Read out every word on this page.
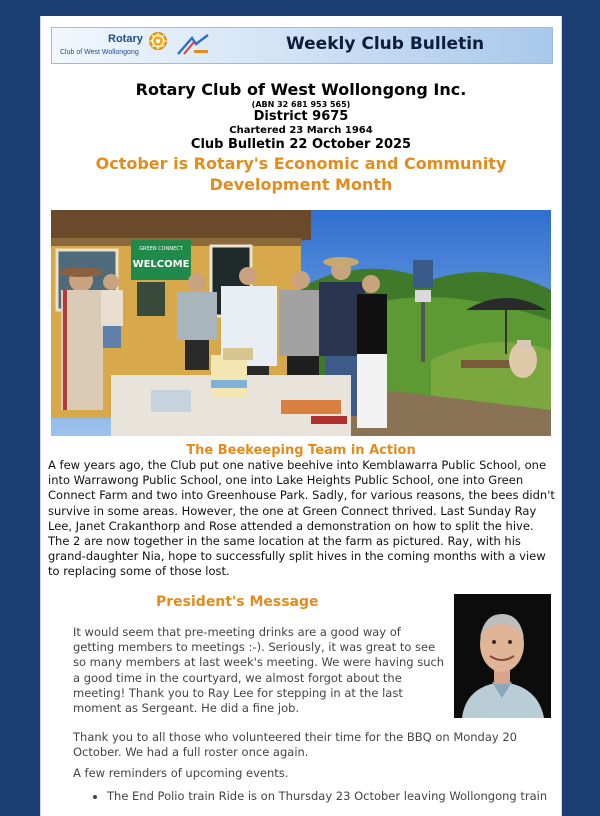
Rotary
Club of West Wollongong	Weekly Club Bulletin
Rotary Club of West Wollongong Inc.
(ABN 32 681 953 565)
District 9675
Chartered 23 March 1964
Club Bulletin 22 October 2025
October is Rotary's Economic and Community Development Month
GREEN CONNECT
WELCOME
The Beekeeping Team in Action
A few years ago, the Club put one native beehive into Kemblawarra Public School, one into Warrawong Public School, one into Lake Heights Public School, one into Green Connect Farm and two into Greenhouse Park. Sadly, for various reasons, the bees didn't survive in some areas. However, the one at Green Connect thrived. Last Sunday Ray Lee, Janet Crakanthorp and Rose attended a demonstration on how to split the hive. The 2 are now together in the same location at the farm as pictured. Ray, with his grand-daughter Nia, hope to successfully split hives in the coming months with a view to replacing some of those lost.
President's Message
It would seem that pre-meeting drinks are a good way of getting members to meetings :-). Seriously, it was great to see so many members at last week's meeting. We were having such a good time in the courtyard, we almost forgot about the meeting! Thank you to Ray Lee for stepping in at the last moment as Sergeant. He did a fine job.
Thank you to all those who volunteered their time for the BBQ on Monday 20 October. We had a full roster once again.
A few reminders of upcoming events.
• The End Polio train Ride is on Thursday 23 October leaving Wollongong train
